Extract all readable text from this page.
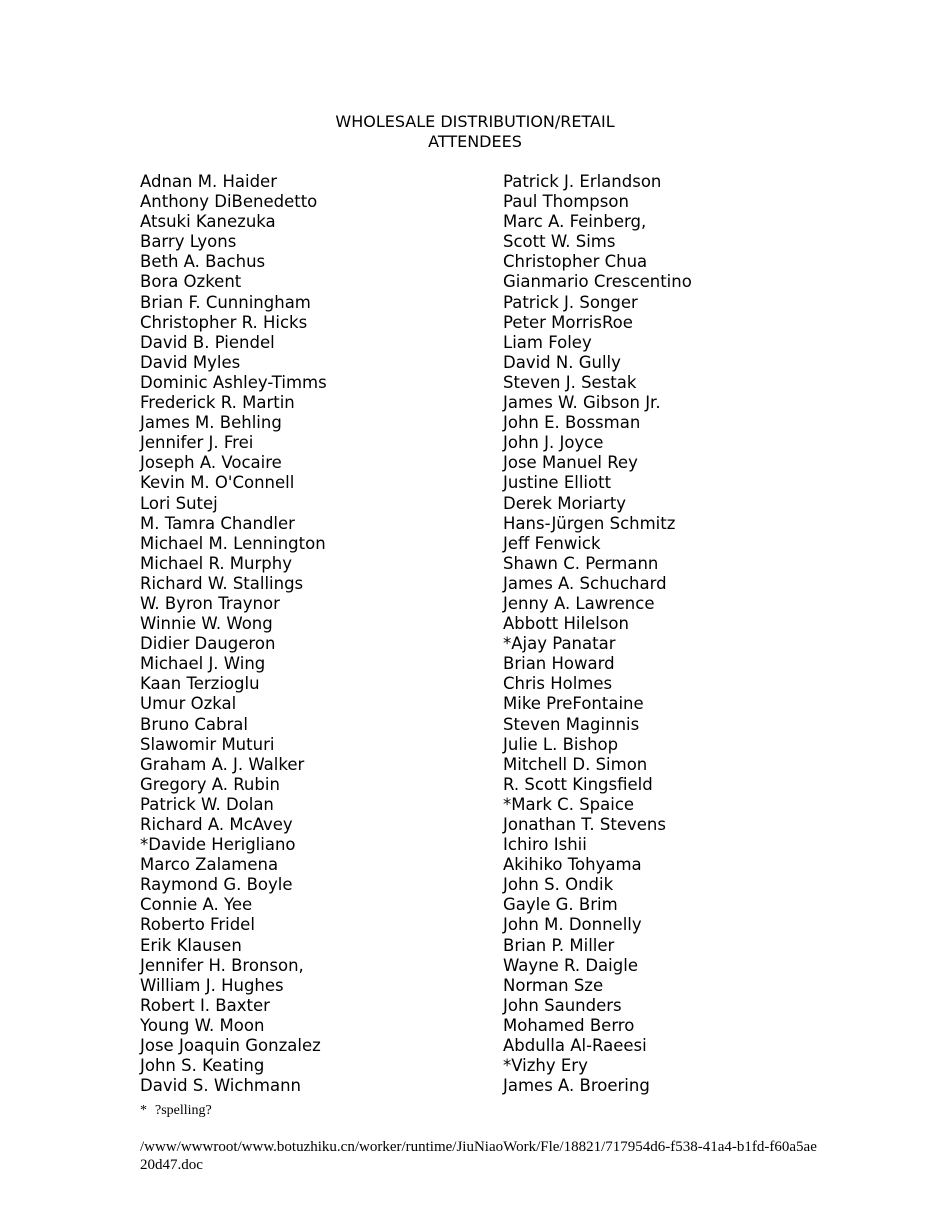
WHOLESALE DISTRIBUTION/RETAIL
ATTENDEES
Adnan M. Haider
Anthony DiBenedetto
Atsuki Kanezuka
Barry Lyons
Beth A. Bachus
Bora Ozkent
Brian F. Cunningham
Christopher R. Hicks
David B. Piendel
David Myles
Dominic Ashley-Timms
Frederick R. Martin
James M. Behling
Jennifer J. Frei
Joseph A. Vocaire
Kevin M. O'Connell
Lori Sutej
M. Tamra Chandler
Michael M. Lennington
Michael R. Murphy
Richard W. Stallings
W. Byron Traynor
Winnie W. Wong
Didier Daugeron
Michael J. Wing
Kaan Terzioglu
Umur Ozkal
Bruno Cabral
Slawomir Muturi
Graham A. J. Walker
Gregory A. Rubin
Patrick W. Dolan
Richard A. McAvey
*Davide Herigliano
Marco Zalamena
Raymond G. Boyle
Connie A. Yee
Roberto Fridel
Erik Klausen
Jennifer H. Bronson,
William J. Hughes
Robert I. Baxter
Young W. Moon
Jose Joaquin Gonzalez
John S. Keating
David S. Wichmann
Patrick J. Erlandson
Paul Thompson
Marc A. Feinberg,
Scott W. Sims
Christopher Chua
Gianmario Crescentino
Patrick J. Songer
Peter MorrisRoe
Liam Foley
David N. Gully
Steven J. Sestak
James W. Gibson Jr.
John E. Bossman
John J. Joyce
Jose Manuel Rey
Justine Elliott
Derek Moriarty
Hans-Jürgen Schmitz
Jeff Fenwick
Shawn C. Permann
James A. Schuchard
Jenny A. Lawrence
Abbott Hilelson
*Ajay Panatar
Brian Howard
Chris Holmes
Mike PreFontaine
Steven Maginnis
Julie L. Bishop
Mitchell D. Simon
R. Scott Kingsfield
*Mark C. Spaice
Jonathan T. Stevens
Ichiro Ishii
Akihiko Tohyama
John S. Ondik
Gayle G. Brim
John M. Donnelly
Brian P. Miller
Wayne R. Daigle
Norman Sze
John Saunders
Mohamed Berro
Abdulla Al-Raeesi
*Vizhy Ery
James A. Broering
* ?spelling?
/www/wwwroot/www.botuzhiku.cn/worker/runtime/JiuNiaoWork/Fle/18821/717954d6-f538-41a4-b1fd-f60a5ae20d47.doc
